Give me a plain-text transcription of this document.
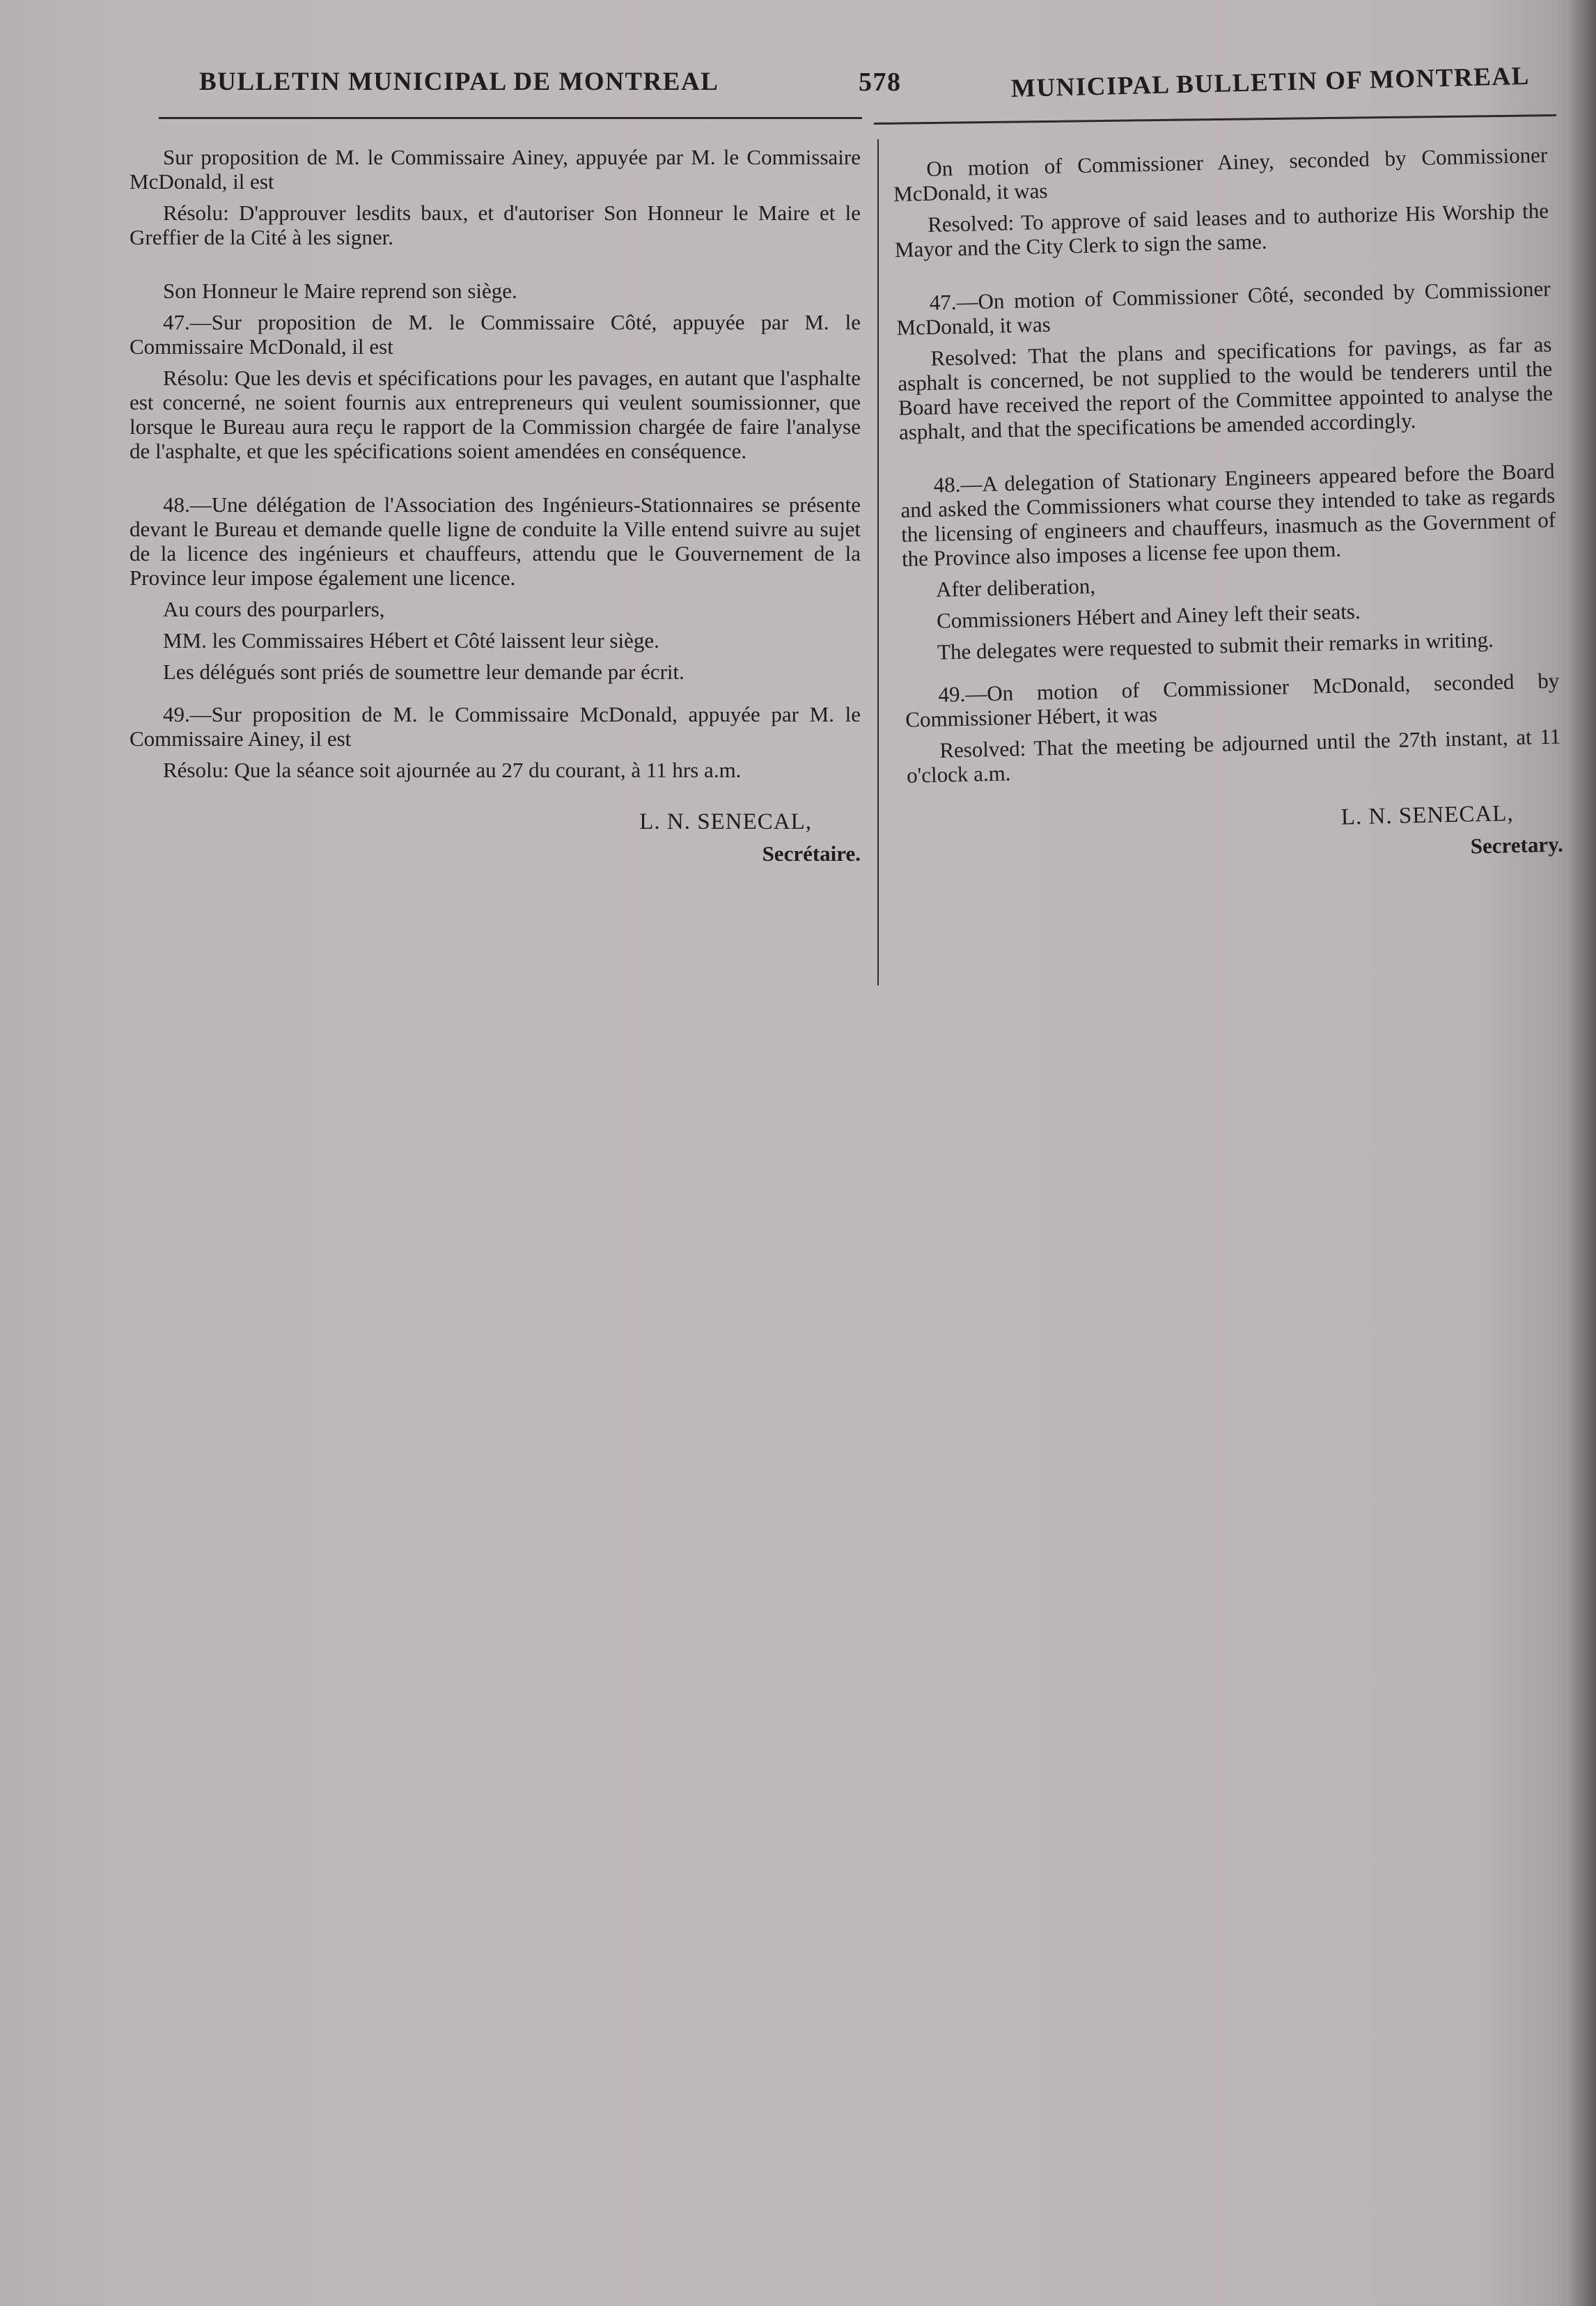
BULLETIN MUNICIPAL DE MONTREAL	578	MUNICIPAL BULLETIN OF MONTREAL

Sur proposition de M. le Commissaire Ainey, appuyée par M. le Commissaire McDonald, il est

Résolu: D'approuver lesdits baux, et d'autoriser Son Honneur le Maire et le Greffier de la Cité à les signer.

Son Honneur le Maire reprend son siège.

47.—Sur proposition de M. le Commissaire Côté, appuyée par M. le Commissaire McDonald, il est

Résolu: Que les devis et spécifications pour les pavages, en autant que l'asphalte est concerné, ne soient fournis aux entrepreneurs qui veulent soumissionner, que lorsque le Bureau aura reçu le rapport de la Commission chargée de faire l'analyse de l'asphalte, et que les spécifications soient amendées en conséquence.

48.—Une délégation de l'Association des Ingénieurs-Stationnaires se présente devant le Bureau et demande quelle ligne de conduite la Ville entend suivre au sujet de la licence des ingénieurs et chauffeurs, attendu que le Gouvernement de la Province leur impose également une licence.

Au cours des pourparlers,

MM. les Commissaires Hébert et Côté laissent leur siège.

Les délégués sont priés de soumettre leur demande par écrit.

49.—Sur proposition de M. le Commissaire McDonald, appuyée par M. le Commissaire Ainey, il est

Résolu: Que la séance soit ajournée au 27 du courant, à 11 hrs a.m.

L. N. SENECAL,

Secrétaire.

On motion of Commissioner Ainey, seconded by Commissioner McDonald, it was

Resolved: To approve of said leases and to authorize His Worship the Mayor and the City Clerk to sign the same.

47.—On motion of Commissioner Côté, seconded by Commissioner McDonald, it was

Resolved: That the plans and specifications for pavings, as far as asphalt is concerned, be not supplied to the would be tenderers until the Board have received the report of the Committee appointed to analyse the asphalt, and that the specifications be amended accordingly.

48.—A delegation of Stationary Engineers appeared before the Board and asked the Commissioners what course they intended to take as regards the licensing of engineers and chauffeurs, inasmuch as the Government of the Province also imposes a license fee upon them.

After deliberation,

Commissioners Hébert and Ainey left their seats.

The delegates were requested to submit their remarks in writing.

49.—On motion of Commissioner McDonald, seconded by Commissioner Hébert, it was

Resolved: That the meeting be adjourned until the 27th instant, at 11 o'clock a.m.

L. N. SENECAL,

Secretary.
